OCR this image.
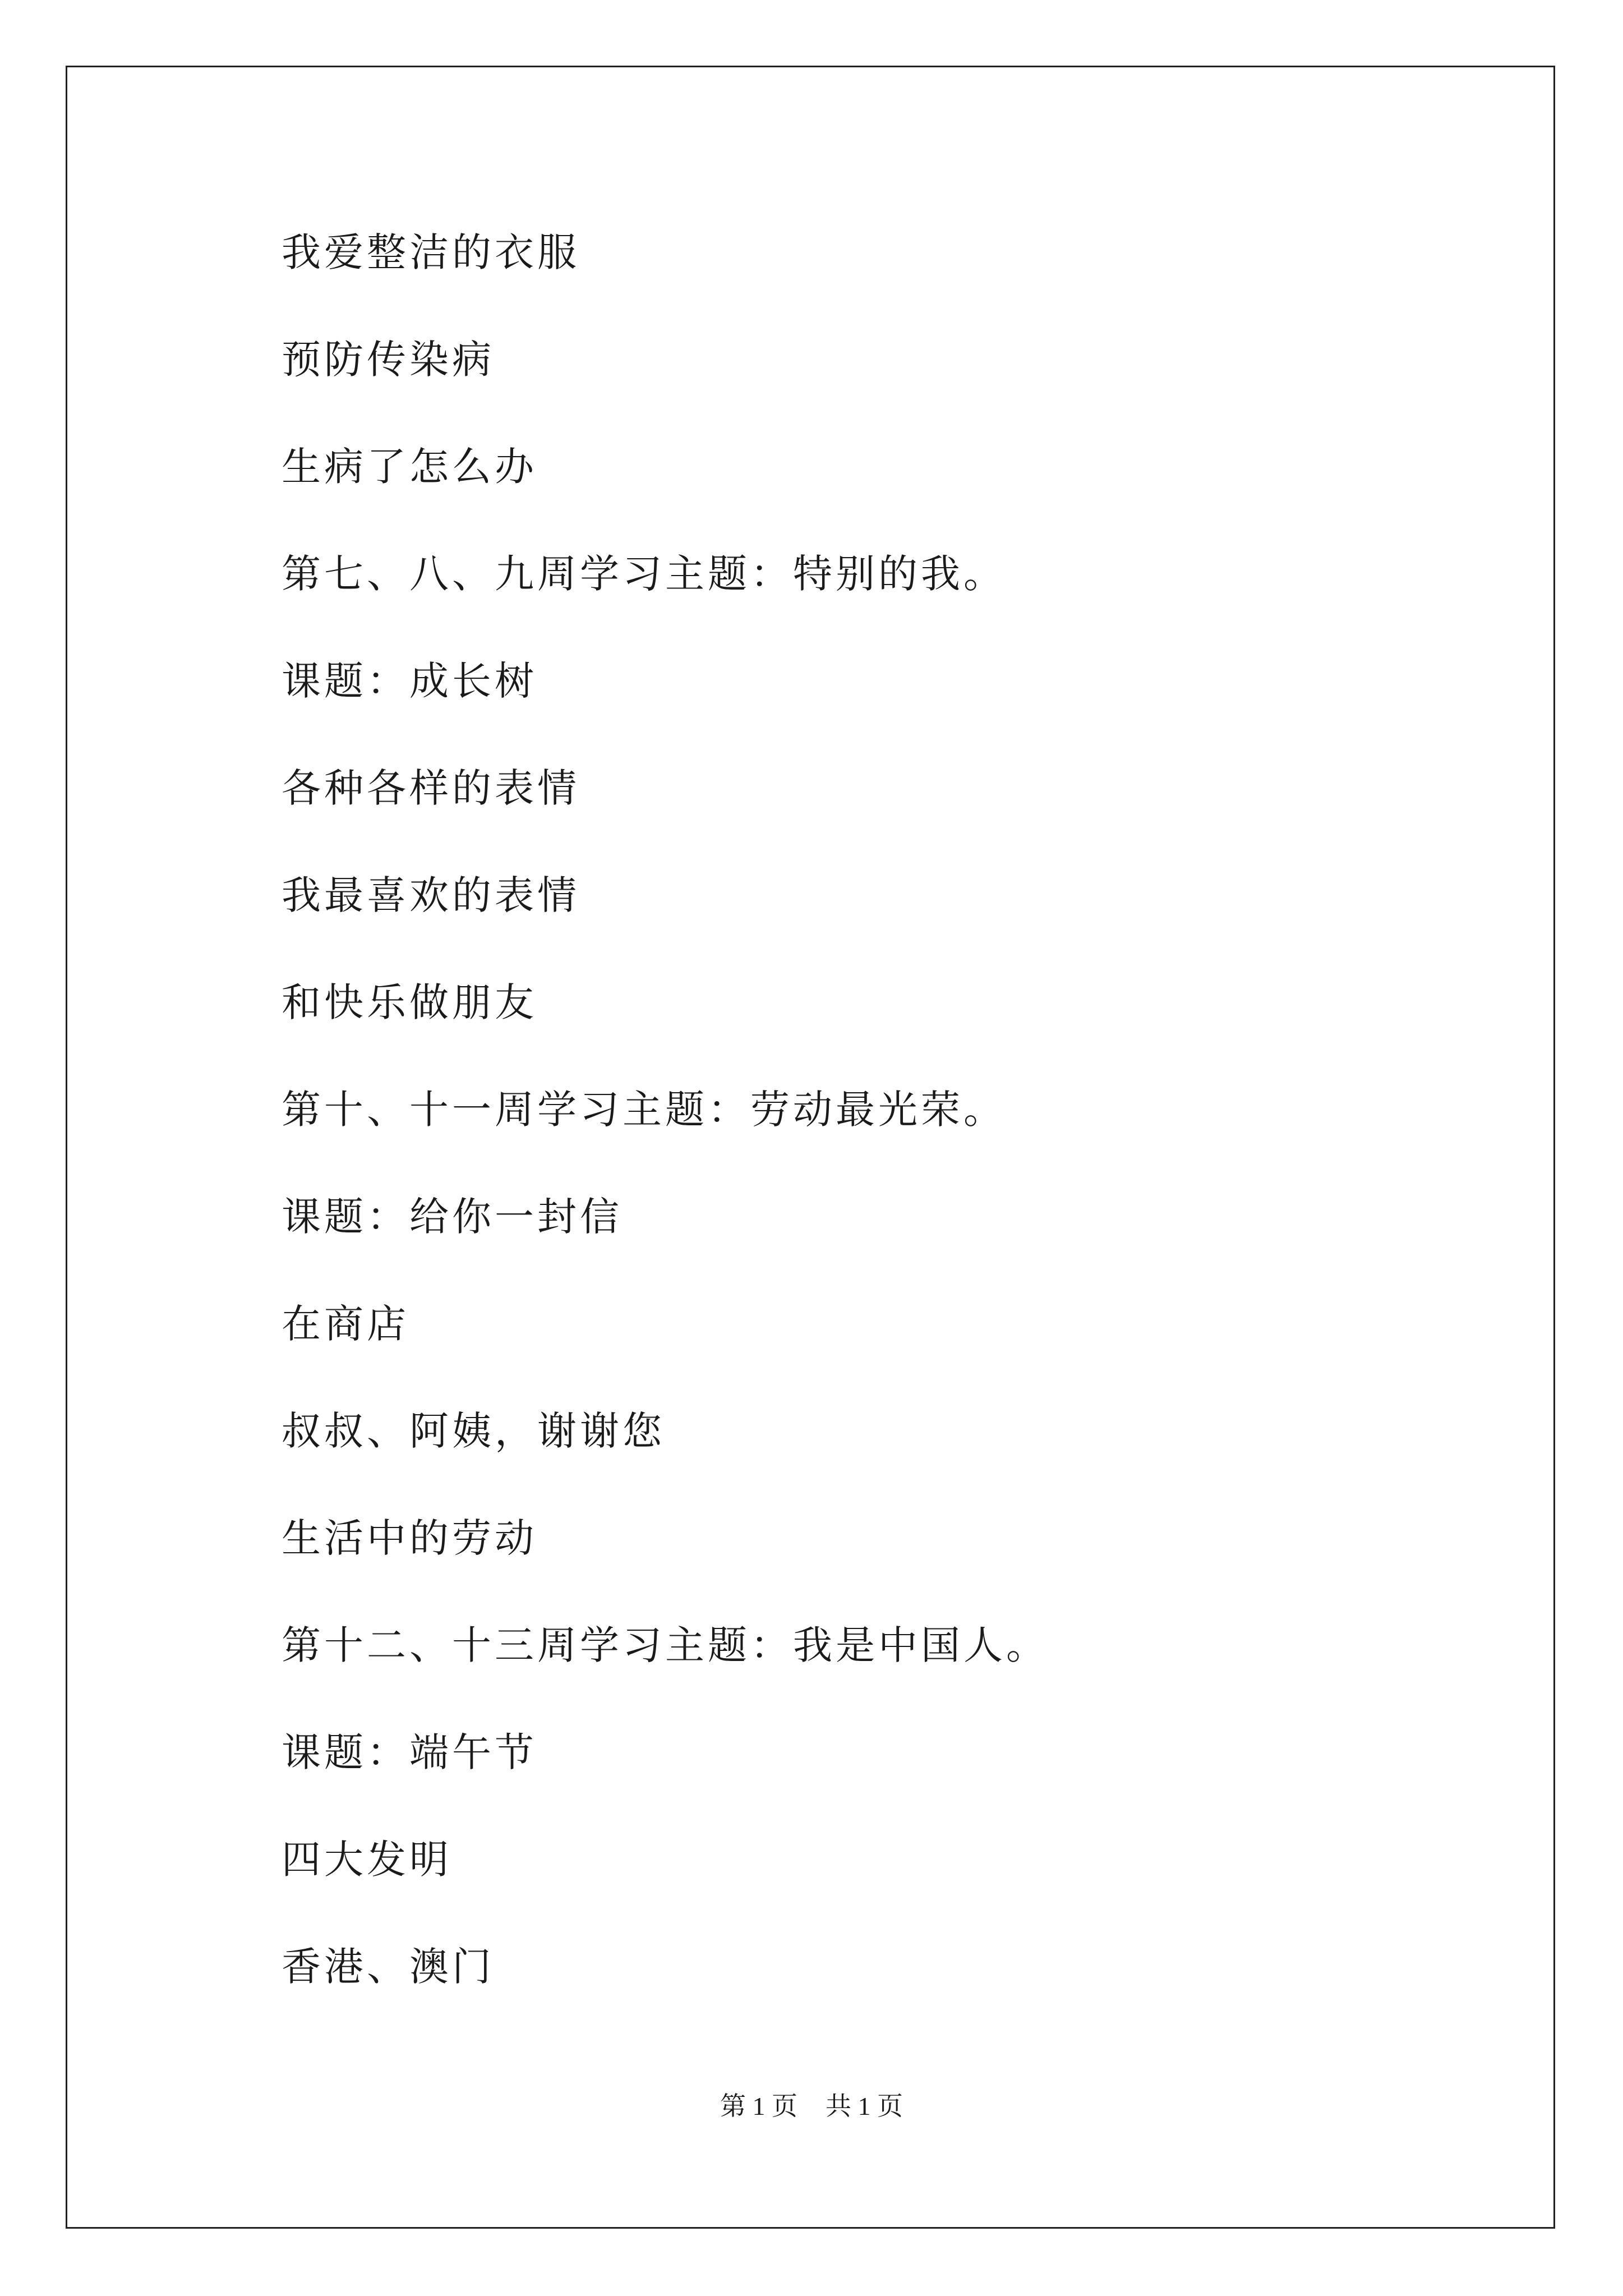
我爱整洁的衣服

预防传染病

生病了怎么办

第七、八、九周学习主题：特别的我。

课题：成长树

各种各样的表情

我最喜欢的表情

和快乐做朋友

第十、十一周学习主题：劳动最光荣。

课题：给你一封信

在商店

叔叔、阿姨，谢谢您

生活中的劳动

第十二、十三周学习主题：我是中国人。

课题：端午节

四大发明

香港、澳门

第 1 页 共 1 页
